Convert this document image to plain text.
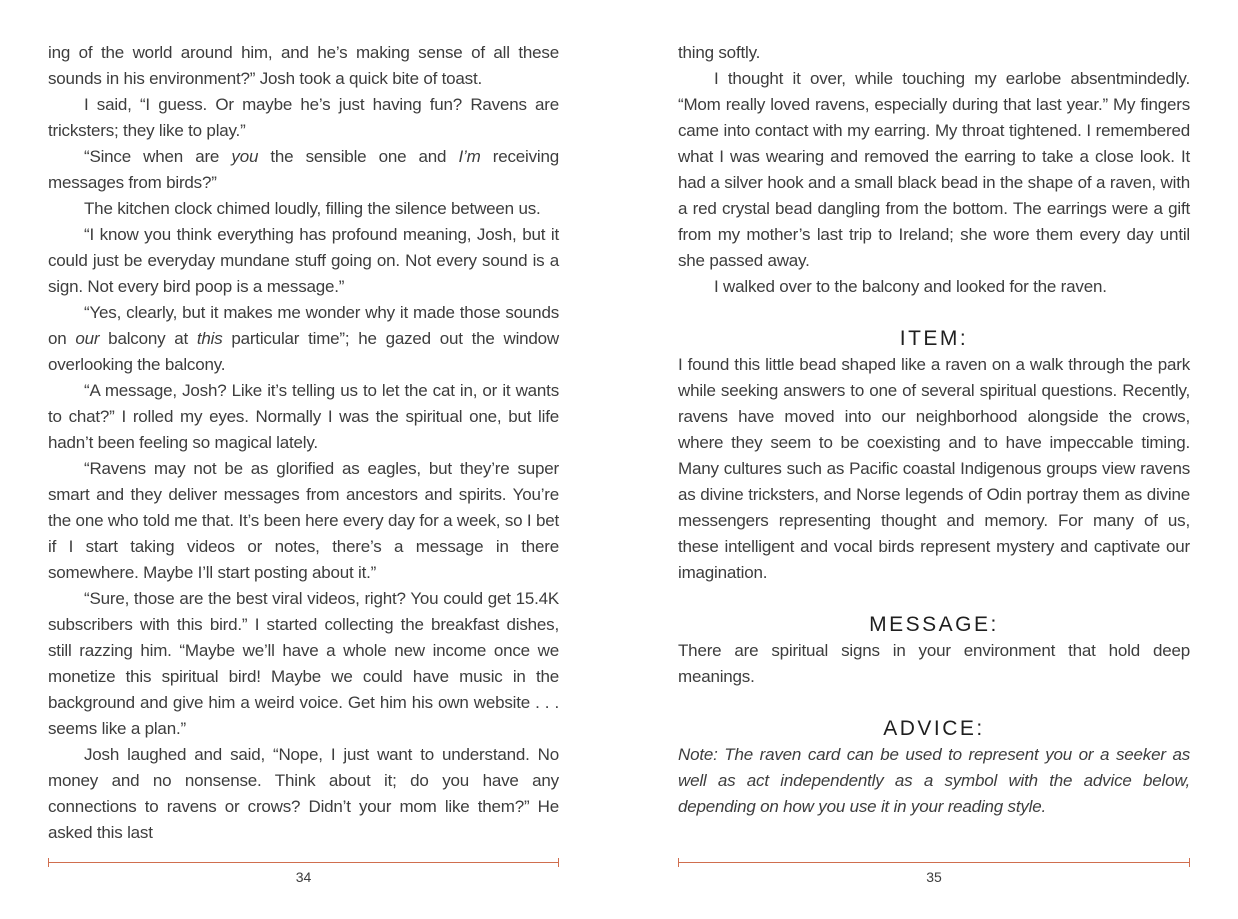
ing of the world around him, and he’s making sense of all these sounds in his environment?” Josh took a quick bite of toast.

I said, “I guess. Or maybe he’s just having fun? Ravens are tricksters; they like to play.”

“Since when are you the sensible one and I’m receiving messages from birds?”

The kitchen clock chimed loudly, filling the silence between us.

“I know you think everything has profound meaning, Josh, but it could just be everyday mundane stuff going on. Not every sound is a sign. Not every bird poop is a message.”

“Yes, clearly, but it makes me wonder why it made those sounds on our balcony at this particular time”; he gazed out the window overlooking the balcony.

“A message, Josh? Like it’s telling us to let the cat in, or it wants to chat?” I rolled my eyes. Normally I was the spiritual one, but life hadn’t been feeling so magical lately.

“Ravens may not be as glorified as eagles, but they’re super smart and they deliver messages from ancestors and spirits. You’re the one who told me that. It’s been here every day for a week, so I bet if I start taking videos or notes, there’s a message in there somewhere. Maybe I’ll start posting about it.”

“Sure, those are the best viral videos, right? You could get 15.4K subscribers with this bird.” I started collecting the breakfast dishes, still razzing him. “Maybe we’ll have a whole new income once we monetize this spiritual bird! Maybe we could have music in the background and give him a weird voice. Get him his own website . . . seems like a plan.”

Josh laughed and said, “Nope, I just want to understand. No money and no nonsense. Think about it; do you have any connections to ravens or crows? Didn’t your mom like them?” He asked this last

34

thing softly.

I thought it over, while touching my earlobe absentmindedly. “Mom really loved ravens, especially during that last year.” My fingers came into contact with my earring. My throat tightened. I remembered what I was wearing and removed the earring to take a close look. It had a silver hook and a small black bead in the shape of a raven, with a red crystal bead dangling from the bottom. The earrings were a gift from my mother’s last trip to Ireland; she wore them every day until she passed away.

I walked over to the balcony and looked for the raven.

ITEM:

I found this little bead shaped like a raven on a walk through the park while seeking answers to one of several spiritual questions. Recently, ravens have moved into our neighborhood alongside the crows, where they seem to be coexisting and to have impeccable timing. Many cultures such as Pacific coastal Indigenous groups view ravens as divine tricksters, and Norse legends of Odin portray them as divine messengers representing thought and memory. For many of us, these intelligent and vocal birds represent mystery and captivate our imagination.

MESSAGE:

There are spiritual signs in your environment that hold deep meanings.

ADVICE:

Note: The raven card can be used to represent you or a seeker as well as act independently as a symbol with the advice below, depending on how you use it in your reading style.

35
